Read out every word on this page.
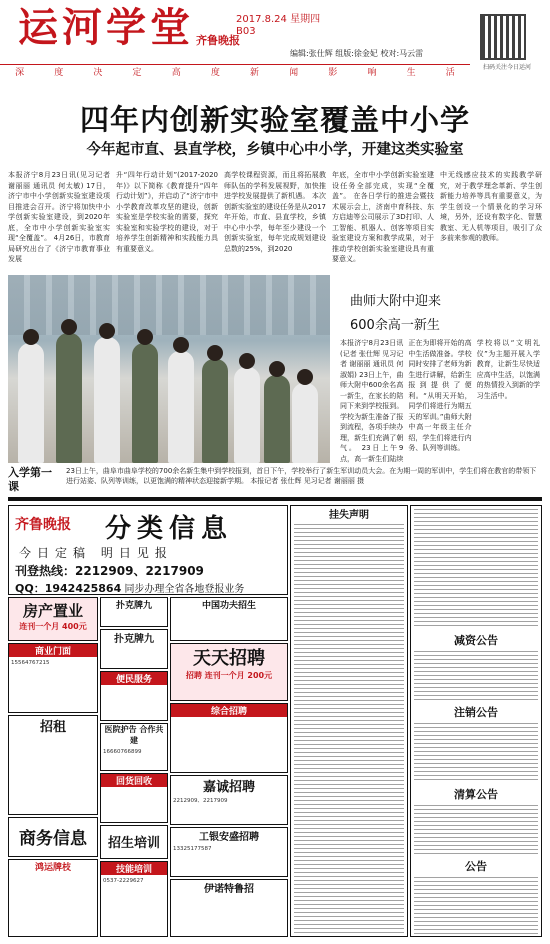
运河学堂 齐鲁晚报
2017.8.24 星期四
B03
编辑:张仕辉 组版:徐金妃 校对:马云雷
扫码关注今日运河
深	度	决	定	高	度	新	闻	影	响	生	活
四年内创新实验室覆盖中小学
今年起市直、县直学校，乡镇中心中小学，开建这类实验室
本报济宁8月23日讯(见习记者 谢丽丽 通讯员 何太敏) 17日，济宁市中小学创新实验室建设项目推进会召开。济宁将加快中小学创新实验室建设，到2020年底，全市中小学创新实验室实现“全覆盖”。 4月26日，市教育局研究出台了《济宁市教育事业发展
升“四年行动计划”(2017-2020年)》以下简称《教育提升“四年行动计划”》，并启动了“济宁市中小学教育改革攻坚的建设，创新实验室是学校实验的需要，探究实验室和实验学校的建设，对于培养学生创新精神和实践能力具有重要意义。
高学校课程资源，而且将拓展教师队伍的学科发展视野，加快推进学校发展提供了新机遇。 本次创新实验室的建设任务是从2017年开始，市直、县直学校，乡镇中心中小学，每年至少建设一个创新实验室，每年完成规划建设总数的25%，到2020
年底，全市中小学创新实验室建设任务全部完成，实现“全覆盖”。 在各日学行的推进会暨技术展示会上，济南中育科技、东方启迪等公司展示了3D打印、人工智能、机器人、创客等项目实验室建设方案和教学成果，对于推动学校创新实验室建设具有重要意义。
中无线感应技术的实践教学研究，对于教学理念革新、学生创新能力培养等具有重要意义，为学生创设一个情景化的学习环境，另外，还设有数字化、智慧教室、无人机等项目，吸引了众多前来参观的教师。
入学第一课
23日上午，曲阜市曲阜学校的700余名新生集中到学校报到，首日下午，学校举行了新生军训动员大会。在为期一周的军训中，学生们将在教官的带领下进行站姿、队列等训练，以更饱满的精神状态迎接新学期。 本报记者 张仕辉 见习记者 谢丽丽 摄
曲师大附中迎来
600余高一新生
本报济宁8月23日讯(记者 张仕辉 见习记者 谢丽丽 通讯员 何淑娟) 23日上午，曲师大附中600余名高一新生，在家长的陪同下来到学校报到。学校为新生准备了报到流程，各项手续办理，新生们充满了朝气。 23日上午9点，高一新生们陆续
正在为即将开始的高中生活做准备。学校同时安排了老师为新生进行讲解，给新生报到提供了便利。“从明天开始，同学们将进行为期五天的军训。”曲师大附中高一年级主任介绍，学生们将进行内务、队列等训练。
学校将以“文明礼仪”为主题开展入学教育，让新生尽快适应高中生活，以饱满的热情投入到新的学习生活中。
齐鲁晚报 分类信息
今日定稿 明日见报
刊登热线：2212909、2217909
QQ：1942425864 同步办理全省各地登报业务
房产置业
连刊一个月 400元
商业门面
15564767215
招租
商务信息
鸿运牌枝
扑克牌九
扑克牌九
便民服务
医院护告 合作共建
16660766899
回货回收
招生培训
技能培训
0537-2229627
中国功夫招生
天天招聘
招聘 连刊一个月 200元
综合招聘
嘉诚招聘
2212909、2217909
工银安盛招聘
13325177587
伊诺特鲁招
挂失声明
减资公告
注销公告
清算公告
公告
